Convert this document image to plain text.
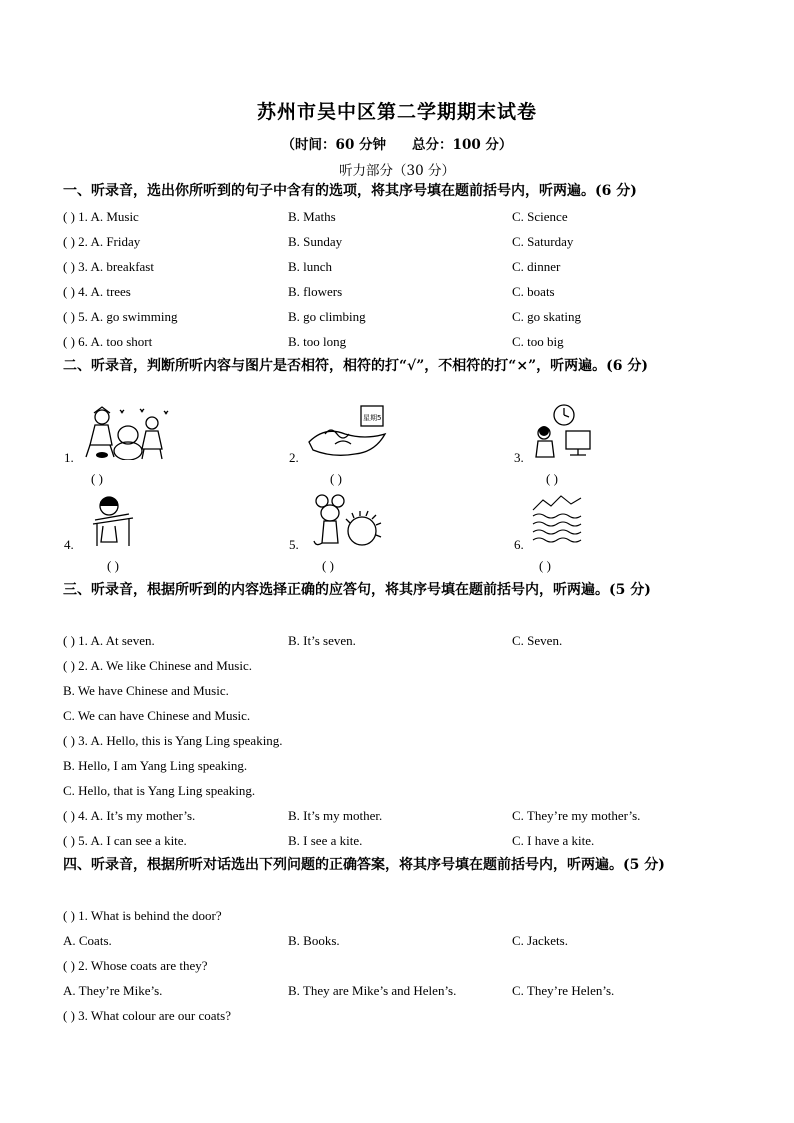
苏州市吴中区第二学期期末试卷
（时间：60 分钟 总分：100 分）
听力部分（30 分）
一、听录音，选出你所听到的句子中含有的选项，将其序号填在题前括号内，听两遍。(6 分)
( ) 1. A. Music	B. Maths	C. Science
( ) 2. A. Friday	B. Sunday	C. Saturday
( ) 3. A. breakfast	B. lunch	C. dinner
( ) 4. A. trees	B. flowers	C. boats
( ) 5. A. go swimming	B. go climbing	C. go skating
( ) 6. A. too short	B. too long	C. too big
二、听录音，判断所听内容与图片是否相符，相符的打“√”，不相符的打“×”，听两遍。(6 分)
1.
( )
星期5
2.
( )
3.
( )
4.
( )
5.
( )
6.
( )
三、听录音，根据所听到的内容选择正确的应答句，将其序号填在题前括号内，听两遍。(5 分)
( ) 1. A. At seven.	B. It’s seven.	C. Seven.
( ) 2. A. We like Chinese and Music.
B. We have Chinese and Music.
C. We can have Chinese and Music.
( ) 3. A. Hello, this is Yang Ling speaking.
B. Hello, I am Yang Ling speaking.
C. Hello, that is Yang Ling speaking.
( ) 4. A. It’s my mother’s.	B. It’s my mother.	C. They’re my mother’s.
( ) 5. A. I can see a kite.	B. I see a kite.	C. I have a kite.
四、听录音，根据所听对话选出下列问题的正确答案，将其序号填在题前括号内，听两遍。(5 分)
( ) 1. What is behind the door?
A. Coats.	B. Books.	C. Jackets.
( ) 2. Whose coats are they?
A. They’re Mike’s.	B. They are Mike’s and Helen’s.	C. They’re Helen’s.
( ) 3. What colour are our coats?
